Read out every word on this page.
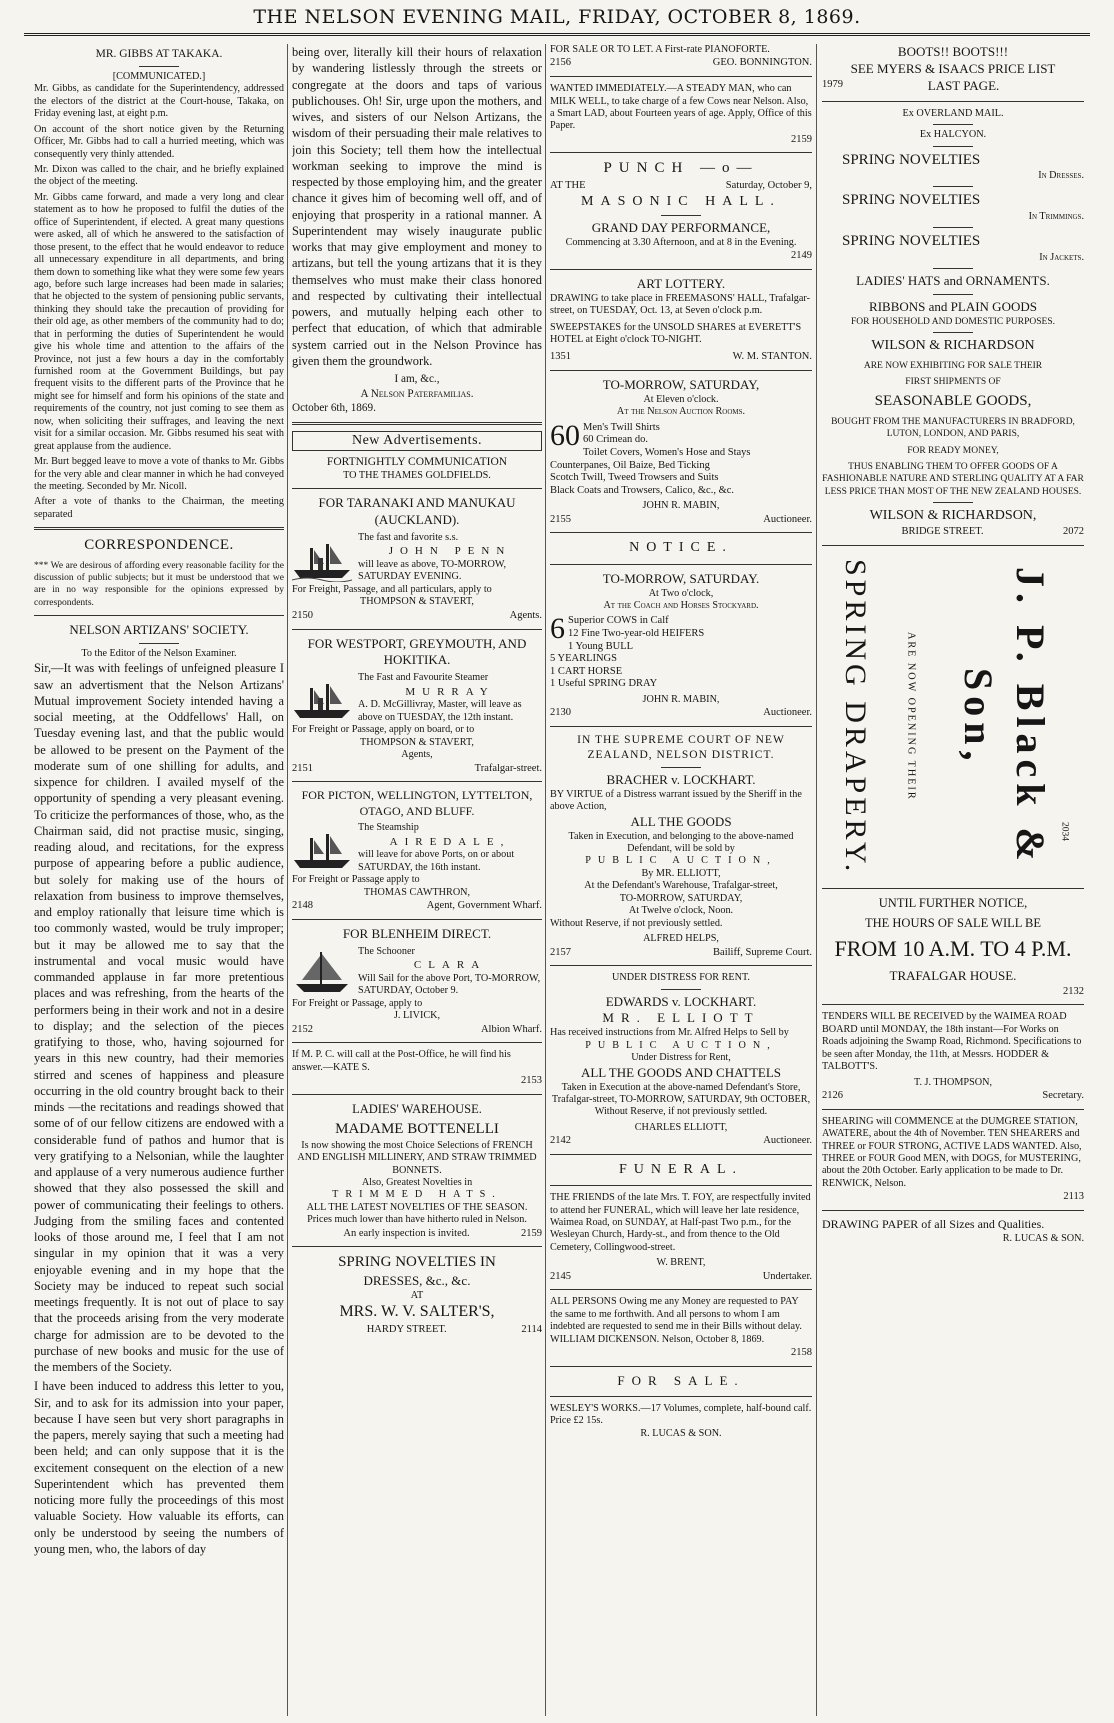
THE NELSON EVENING MAIL, FRIDAY, OCTOBER 8, 1869.
MR. GIBBS AT TAKAKA.
[COMMUNICATED.]

Mr. Gibbs, as candidate for the Superintendency, addressed the electors of the district at the Court-house, Takaka, on Friday evening last, at eight p.m.

On account of the short notice given by the Returning Officer, Mr. Gibbs had to call a hurried meeting, which was consequently very thinly attended.

Mr. Dixon was called to the chair, and he briefly explained the object of the meeting.

Mr. Gibbs came forward, and made a very long and clear statement as to how he proposed to fulfil the duties of the office of Superintendent, if elected. A great many questions were asked, all of which he answered to the satisfaction of those present, to the effect that he would endeavor to reduce all unnecessary expenditure in all departments, and bring them down to something like what they were some few years ago, before such large increases had been made in salaries; that he objected to the system of pensioning public servants, thinking they should take the precaution of providing for their old age, as other members of the community had to do; that in performing the duties of Superintendent he would give his whole time and attention to the affairs of the Province, not just a few hours a day in the comfortably furnished room at the Government Buildings, but pay frequent visits to the different parts of the Province that he might see for himself and form his opinions of the state and requirements of the country, not just coming to see them as now, when soliciting their suffrages, and leaving the next visit for a similar occasion. Mr. Gibbs resumed his seat with great applause from the audience.

Mr. Burt begged leave to move a vote of thanks to Mr. Gibbs for the very able and clear manner in which he had conveyed the meeting. Seconded by Mr. Nicoll.

After a vote of thanks to the Chairman, the meeting separated

CORRESPONDENCE.

*** We are desirous of affording every reasonable facility for the discussion of public subjects; but it must be understood that we are in no way responsible for the opinions expressed by correspondents.

NELSON ARTIZANS' SOCIETY.
To the Editor of the Nelson Examiner.

Sir,—It was with feelings of unfeigned pleasure I saw an advertisment that the Nelson Artizans' Mutual improvement Society intended having a social meeting, at the Oddfellows' Hall, on Tuesday evening last, and that the public would be allowed to be present on the Payment of the moderate sum of one shilling for adults, and sixpence for children. I availed myself of the opportunity of spending a very pleasant evening. To criticize the performances of those, who, as the Chairman said, did not practise music, singing, reading aloud, and recitations, for the express purpose of appearing before a public audience, but solely for making use of the hours of relaxation from business to improve themselves, and employ rationally that leisure time which is too commonly wasted, would be truly improper; but it may be allowed me to say that the instrumental and vocal music would have commanded applause in far more pretentious places and was refreshing, from the hearts of the performers being in their work and not in a desire to display; and the selection of the pieces gratifying to those, who, having sojourned for years in this new country, had their memories stirred and scenes of happiness and pleasure occurring in the old country brought back to their minds —the recitations and readings showed that some of of our fellow citizens are endowed with a considerable fund of pathos and humor that is very gratifying to a Nelsonian, while the laughter and applause of a very numerous audience further showed that they also possessed the skill and power of communicating their feelings to others. Judging from the smiling faces and contented looks of those around me, I feel that I am not singular in my opinion that it was a very enjoyable evening and in my hope that the Society may be induced to repeat such social meetings frequently. It is not out of place to say that the proceeds arising from the very moderate charge for admission are to be devoted to the purchase of new books and music for the use of the members of the Society.

I have been induced to address this letter to you, Sir, and to ask for its admission into your paper, because I have seen but very short paragraphs in the papers, merely saying that such a meeting had been held; and can only suppose that it is the excitement consequent on the election of a new Superintendent which has prevented them noticing more fully the proceedings of this most valuable Society. How valuable its efforts, can only be understood by seeing the numbers of young men, who, the labors of day

being over, literally kill their hours of relaxation by wandering listlessly through the streets or congregate at the doors and taps of various publichouses. Oh! Sir, urge upon the mothers, and wives, and sisters of our Nelson Artizans, the wisdom of their persuading their male relatives to join this Society; tell them how the intellectual workman seeking to improve the mind is respected by those employing him, and the greater chance it gives him of becoming well off, and of enjoying that prosperity in a rational manner. A Superintendent may wisely inaugurate public works that may give employment and money to artizans, but tell the young artizans that it is they themselves who must make their class honored and respected by cultivating their intellectual powers, and mutually helping each other to perfect that education, of which that admirable system carried out in the Nelson Province has given them the groundwork.

I am, &c.,
A Nelson Paterfamilias.
October 6th, 1869.
New Advertisements.
FORTNIGHTLY COMMUNICATION
TO THE THAMES GOLDFIELDS.
FOR TARANAKI AND MANUKAU (AUCKLAND).
The fast and favorite s.s.
JOHN PENN
will leave as above, TO-MORROW, SATURDAY EVENING.
For Freight, Passage, and all particulars, apply to
THOMPSON & STAVERT,
2150	Agents.
FOR WESTPORT, GREYMOUTH, AND HOKITIKA.
The Fast and Favourite Steamer
MURRAY
A. D. McGillivray, Master, will leave as above on TUESDAY, the 12th instant.
For Freight or Passage, apply on board, or to
THOMPSON & STAVERT,
Agents,
2151	Trafalgar-street.
FOR PICTON, WELLINGTON, LYTTELTON, OTAGO, AND BLUFF.
The Steamship
AIREDALE,
will leave for above Ports, on or about SATURDAY, the 16th instant.
For Freight or Passage apply to
THOMAS CAWTHRON,
2148	Agent, Government Wharf.
FOR BLENHEIM DIRECT.
The Schooner
CLARA
Will Sail for the above Port, TO-MORROW, SATURDAY, October 9.
For Freight or Passage, apply to
J. LIVICK,
2152	Albion Wharf.
If M. P. C. will call at the Post-Office, he will find his answer.—KATE S.
2153
LADIES' WAREHOUSE.
MADAME BOTTENELLI
Is now showing the most Choice Selections of FRENCH AND ENGLISH MILLINERY, AND STRAW TRIMMED BONNETS.
Also, Greatest Novelties in
TRIMMED HATS.
ALL THE LATEST NOVELTIES OF THE SEASON.
Prices much lower than have hitherto ruled in Nelson.
An early inspection is invited.	2159
SPRING NOVELTIES IN
DRESSES, &c., &c.
AT
MRS. W. V. SALTER'S,
HARDY STREET.	2114
FOR SALE OR TO LET. A First-rate PIANOFORTE.
2156	GEO. BONNINGTON.
WANTED IMMEDIATELY.—A STEADY MAN, who can MILK WELL, to take charge of a few Cows near Nelson. Also, a Smart LAD, about Fourteen years of age. Apply, Office of this Paper.
2159
PUNCH —o—
AT THE	Saturday, October 9,
MASONIC HALL.
GRAND DAY PERFORMANCE,
Commencing at 3.30 Afternoon, and at 8 in the Evening.
2149
ART LOTTERY.
DRAWING to take place in FREEMASONS' HALL, Trafalgar-street, on TUESDAY, Oct. 13, at Seven o'clock p.m.
SWEEPSTAKES for the UNSOLD SHARES at EVERETT'S HOTEL at Eight o'clock TO-NIGHT.
1351	W. M. STANTON.
TO-MORROW, SATURDAY,
At Eleven o'clock.
At the Nelson Auction Rooms.
60 Men's Twill Shirts
60 Crimean do.
Toilet Covers, Women's Hose and Stays
Counterpanes, Oil Baize, Bed Ticking
Scotch Twill, Tweed Trowsers and Suits
Black Coats and Trowsers, Calico, &c., &c.
JOHN R. MABIN,
2155	Auctioneer.
NOTICE.
TO-MORROW, SATURDAY.
At Two o'clock,
At the Coach and Horses Stockyard.
6 Superior COWS in Calf
12 Fine Two-year-old HEIFERS
1 Young BULL
5 YEARLINGS
1 CART HORSE
1 Useful SPRING DRAY
JOHN R. MABIN,
2130	Auctioneer.
IN THE SUPREME COURT OF NEW ZEALAND, NELSON DISTRICT.
BRACHER v. LOCKHART.
BY VIRTUE of a Distress warrant issued by the Sheriff in the above Action,
ALL THE GOODS
Taken in Execution, and belonging to the above-named Defendant, will be sold by
PUBLIC AUCTION,
By MR. ELLIOTT,
At the Defendant's Warehouse, Trafalgar-street,
TO-MORROW, SATURDAY,
At Twelve o'clock, Noon.
Without Reserve, if not previously settled.
ALFRED HELPS,
2157	Bailiff, Supreme Court.
UNDER DISTRESS FOR RENT.
EDWARDS v. LOCKHART.
MR. ELLIOTT
Has received instructions from Mr. Alfred Helps to Sell by
PUBLIC AUCTION,
Under Distress for Rent,
ALL THE GOODS AND CHATTELS
Taken in Execution at the above-named Defendant's Store, Trafalgar-street, TO-MORROW, SATURDAY, 9th OCTOBER, Without Reserve, if not previously settled.
CHARLES ELLIOTT,
2142	Auctioneer.
FUNERAL.
THE FRIENDS of the late Mrs. T. FOY, are respectfully invited to attend her FUNERAL, which will leave her late residence, Waimea Road, on SUNDAY, at Half-past Two p.m., for the Wesleyan Church, Hardy-st., and from thence to the Old Cemetery, Collingwood-street.
W. BRENT,
2145	Undertaker.
ALL PERSONS Owing me any Money are requested to PAY the same to me forthwith. And all persons to whom I am indebted are requested to send me in their Bills without delay. WILLIAM DICKENSON. Nelson, October 8, 1869.
2158
FOR SALE.
WESLEY'S WORKS.—17 Volumes, complete, half-bound calf. Price £2 15s.
R. LUCAS & SON.
BOOTS!! BOOTS!!!
SEE MYERS & ISAACS PRICE LIST
1979	LAST PAGE.
Ex OVERLAND MAIL.
Ex HALCYON.
SPRING NOVELTIES
In Dresses.
SPRING NOVELTIES
In Trimmings.
SPRING NOVELTIES
In Jackets.
LADIES' HATS and ORNAMENTS.
RIBBONS and PLAIN GOODS
FOR HOUSEHOLD AND DOMESTIC PURPOSES.
WILSON & RICHARDSON
ARE NOW EXHIBITING FOR SALE THEIR
FIRST SHIPMENTS OF
SEASONABLE GOODS,
BOUGHT FROM THE MANUFACTURERS IN BRADFORD, LUTON, LONDON, AND PARIS,
FOR READY MONEY,
THUS ENABLING THEM TO OFFER GOODS OF A FASHIONABLE NATURE AND STERLING QUALITY AT A FAR LESS PRICE THAN MOST OF THE NEW ZEALAND HOUSES.
WILSON & RICHARDSON,
BRIDGE STREET.	2072
SPRING DRAPERY.	ARE NOW OPENING THEIR	J. P. Black & Son,
2034
UNTIL FURTHER NOTICE,
THE HOURS OF SALE WILL BE
FROM 10 A.M. TO 4 P.M.
TRAFALGAR HOUSE.
2132
TENDERS WILL BE RECEIVED by the WAIMEA ROAD BOARD until MONDAY, the 18th instant—For Works on Roads adjoining the Swamp Road, Richmond. Specifications to be seen after Monday, the 11th, at Messrs. HODDER & TALBOTT'S.
T. J. THOMPSON,
2126	Secretary.
SHEARING will COMMENCE at the DUMGREE STATION, AWATERE, about the 4th of November. TEN SHEARERS and THREE or FOUR STRONG, ACTIVE LADS WANTED. Also, THREE or FOUR Good MEN, with DOGS, for MUSTERING, about the 20th October. Early application to be made to Dr. RENWICK, Nelson.
2113
DRAWING PAPER of all Sizes and Qualities.
R. LUCAS & SON.
